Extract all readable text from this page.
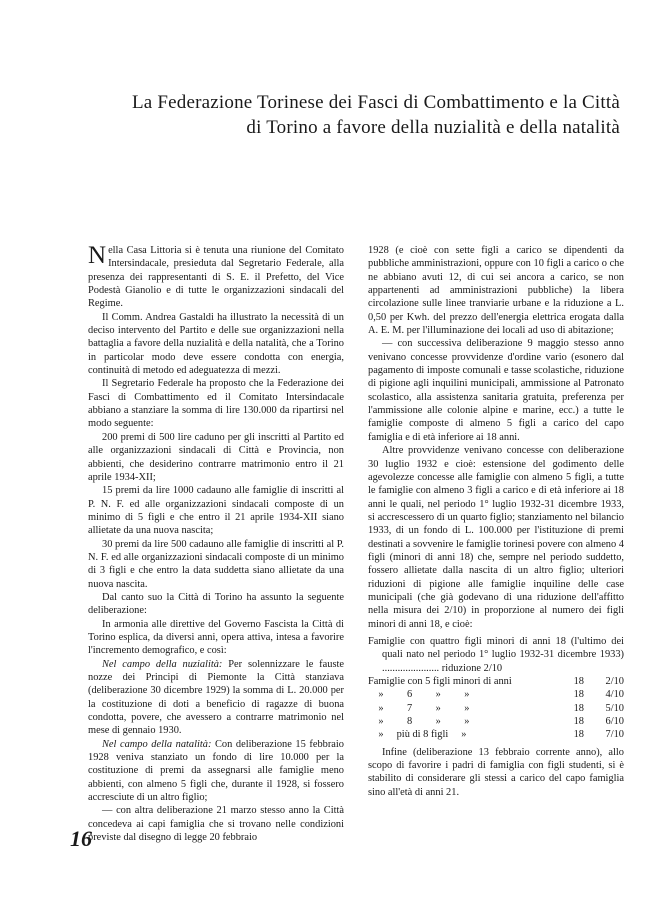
La Federazione Torinese dei Fasci di Combattimento e la Città
di Torino a favore della nuzialità e della natalità

Nella Casa Littoria si è tenuta una riunione del Comitato Intersindacale, presieduta dal Segretario Federale, alla presenza dei rappresentanti di S. E. il Prefetto, del Vice Podestà Gianolio e di tutte le organizzazioni sindacali del Regime.

Il Comm. Andrea Gastaldi ha illustrato la necessità di un deciso intervento del Partito e delle sue organizzazioni nella battaglia a favore della nuzialità e della natalità, che a Torino in particolar modo deve essere condotta con energia, continuità di metodo ed adeguatezza di mezzi.

Il Segretario Federale ha proposto che la Federazione dei Fasci di Combattimento ed il Comitato Intersindacale abbiano a stanziare la somma di lire 130.000 da ripartirsi nel modo seguente:

200 premi di 500 lire caduno per gli inscritti al Partito ed alle organizzazioni sindacali di Città e Provincia, non abbienti, che desiderino contrarre matrimonio entro il 21 aprile 1934-XII;

15 premi da lire 1000 cadauno alle famiglie di inscritti al P. N. F. ed alle organizzazioni sindacali composte di un minimo di 5 figli e che entro il 21 aprile 1934-XII siano allietate da una nuova nascita;

30 premi da lire 500 cadauno alle famiglie di inscritti al P. N. F. ed alle organizzazioni sindacali composte di un minimo di 3 figli e che entro la data suddetta siano allietate da una nuova nascita.

Dal canto suo la Città di Torino ha assunto la seguente deliberazione:

In armonia alle direttive del Governo Fascista la Città di Torino esplica, da diversi anni, opera attiva, intesa a favorire l'incremento demografico, e così:

Nel campo della nuzialità: Per solennizzare le fauste nozze dei Principi di Piemonte la Città stanziava (deliberazione 30 dicembre 1929) la somma di L. 20.000 per la costituzione di doti a beneficio di ragazze di buona condotta, povere, che avessero a contrarre matrimonio nel mese di gennaio 1930.

Nel campo della natalità: Con deliberazione 15 febbraio 1928 veniva stanziato un fondo di lire 10.000 per la costituzione di premi da assegnarsi alle famiglie meno abbienti, con almeno 5 figli che, durante il 1928, si fossero accresciute di un altro figlio;

— con altra deliberazione 21 marzo stesso anno la Città concedeva ai capi famiglia che si trovano nelle condizioni previste dal disegno di legge 20 febbraio

1928 (e cioè con sette figli a carico se dipendenti da pubbliche amministrazioni, oppure con 10 figli a carico o che ne abbiano avuti 12, di cui sei ancora a carico, se non appartenenti ad amministrazioni pubbliche) la libera circolazione sulle linee tranviarie urbane e la riduzione a L. 0,50 per Kwh. del prezzo dell'energia elettrica erogata dalla A. E. M. per l'illuminazione dei locali ad uso di abitazione;

— con successiva deliberazione 9 maggio stesso anno venivano concesse provvidenze d'ordine vario (esonero dal pagamento di imposte comunali e tasse scolastiche, riduzione di pigione agli inquilini municipali, ammissione al Patronato scolastico, alla assistenza sanitaria gratuita, preferenza per l'ammissione alle colonie alpine e marine, ecc.) a tutte le famiglie composte di almeno 5 figli a carico del capo famiglia e di età inferiore ai 18 anni.

Altre provvidenze venivano concesse con deliberazione 30 luglio 1932 e cioè: estensione del godimento delle agevolezze concesse alle famiglie con almeno 5 figli, a tutte le famiglie con almeno 3 figli a carico e di età inferiore ai 18 anni le quali, nel periodo 1° luglio 1932-31 dicembre 1933, si accrescessero di un quarto figlio; stanziamento nel bilancio 1933, di un fondo di L. 100.000 per l'istituzione di premi destinati a sovvenire le famiglie torinesi povere con almeno 4 figli (minori di anni 18) che, sempre nel periodo suddetto, fossero allietate dalla nascita di un altro figlio; ulteriori riduzioni di pigione alle famiglie inquiline delle case municipali (che già godevano di una riduzione dell'affitto nella misura dei 2/10) in proporzione al numero dei figli minori di anni 18, e cioè:

Famiglie con quattro figli minori di anni 18 (l'ultimo dei quali nato nel periodo 1° luglio 1932-31 dicembre 1933) ...................... riduzione 2/10
Famiglie con 5 figli minori di anni	18	2/10
» 6 » »	18	4/10
» 7 » »	18	5/10
» 8 » »	18	6/10
» più di 8 figli »	18	7/10

Infine (deliberazione 13 febbraio corrente anno), allo scopo di favorire i padri di famiglia con figli studenti, si è stabilito di considerare gli stessi a carico del capo famiglia sino all'età di anni 21.

16
